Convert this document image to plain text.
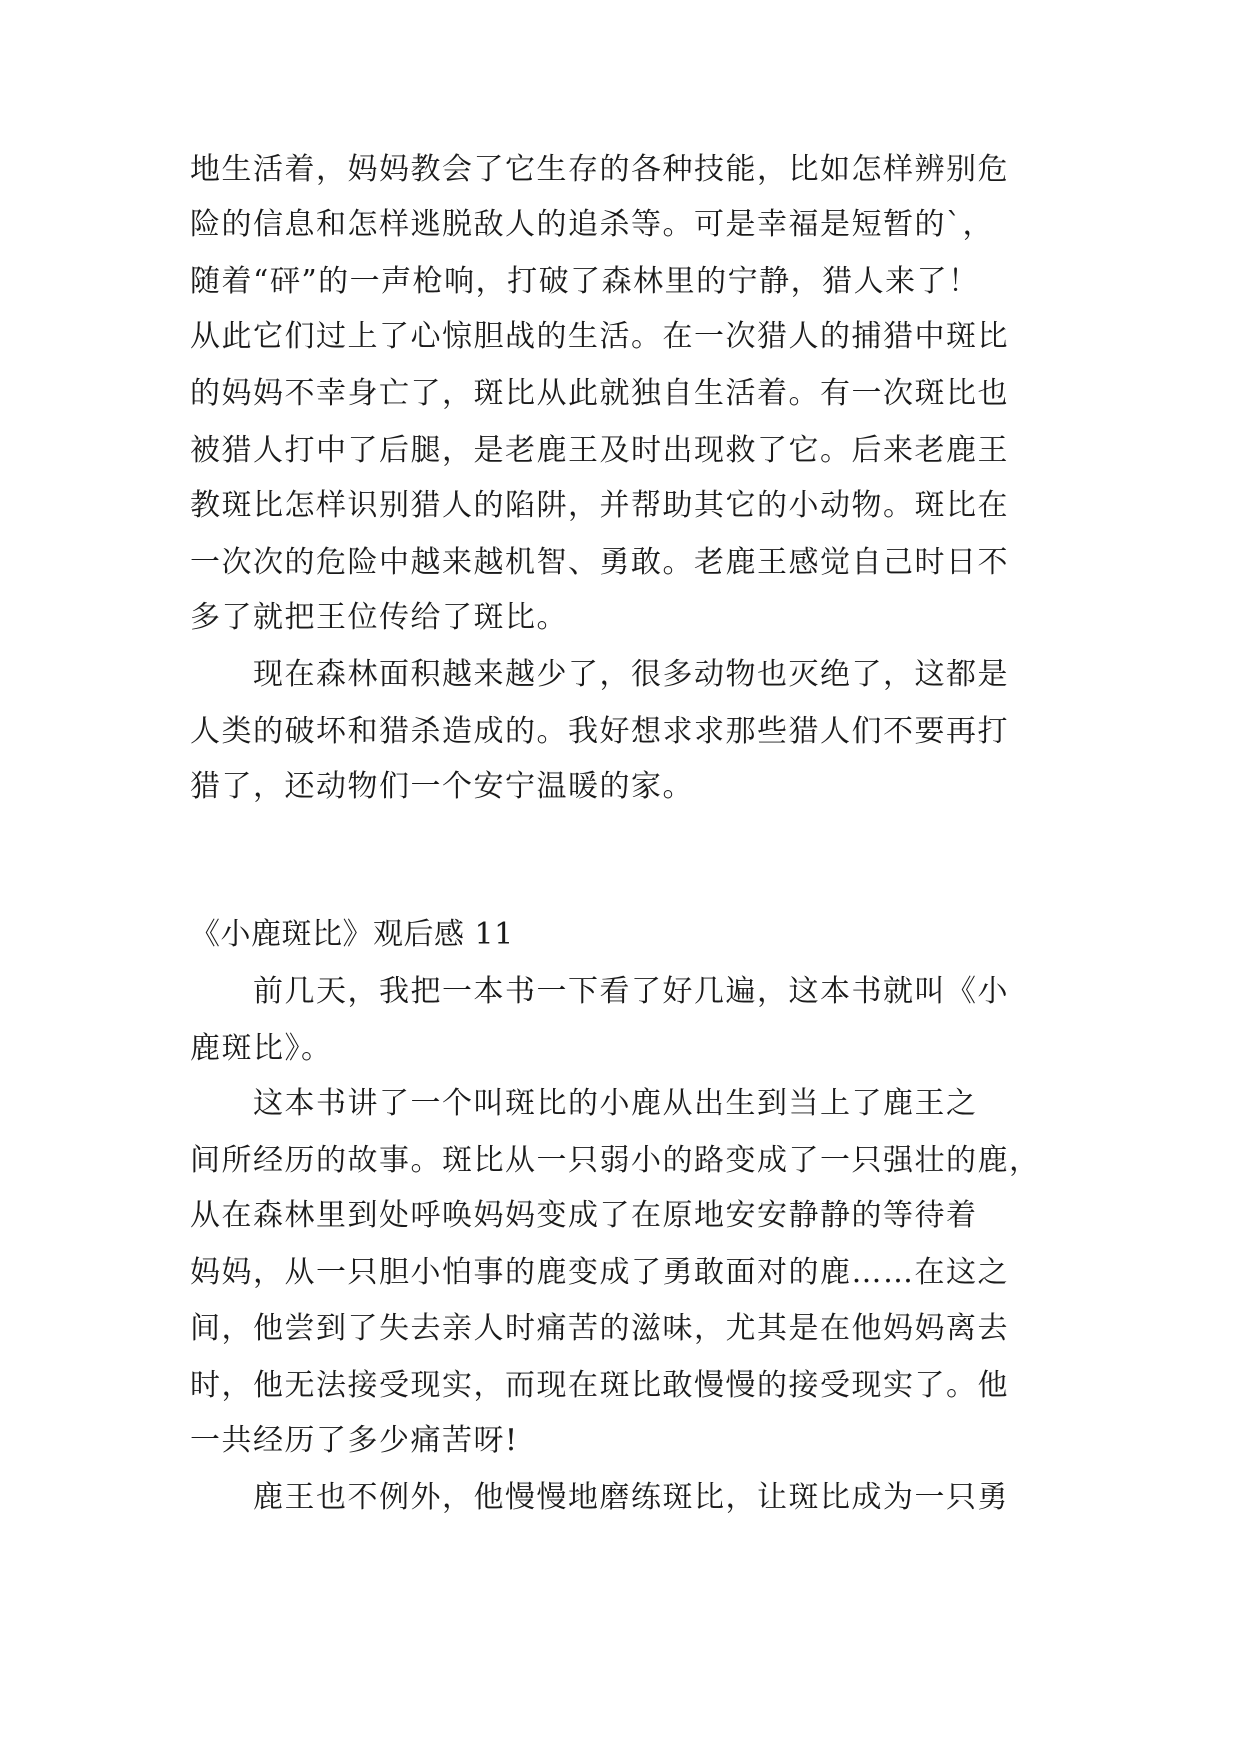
地生活着，妈妈教会了它生存的各种技能，比如怎样辨别危

险的信息和怎样逃脱敌人的追杀等。可是幸福是短暂的`，

随着“砰”的一声枪响，打破了森林里的宁静，猎人来了！

从此它们过上了心惊胆战的生活。在一次猎人的捕猎中斑比

的妈妈不幸身亡了，斑比从此就独自生活着。有一次斑比也

被猎人打中了后腿，是老鹿王及时出现救了它。后来老鹿王

教斑比怎样识别猎人的陷阱，并帮助其它的小动物。斑比在

一次次的危险中越来越机智、勇敢。老鹿王感觉自己时日不

多了就把王位传给了斑比。

　　现在森林面积越来越少了，很多动物也灭绝了，这都是

人类的破坏和猎杀造成的。我好想求求那些猎人们不要再打

猎了，还动物们一个安宁温暖的家。

《小鹿斑比》观后感 11

　　前几天，我把一本书一下看了好几遍，这本书就叫《小

鹿斑比》。

　　这本书讲了一个叫斑比的小鹿从出生到当上了鹿王之

间所经历的故事。斑比从一只弱小的路变成了一只强壮的鹿，

从在森林里到处呼唤妈妈变成了在原地安安静静的等待着

妈妈，从一只胆小怕事的鹿变成了勇敢面对的鹿……在这之

间，他尝到了失去亲人时痛苦的滋味，尤其是在他妈妈离去

时，他无法接受现实，而现在斑比敢慢慢的接受现实了。他

一共经历了多少痛苦呀!

　　鹿王也不例外，他慢慢地磨练斑比，让斑比成为一只勇
